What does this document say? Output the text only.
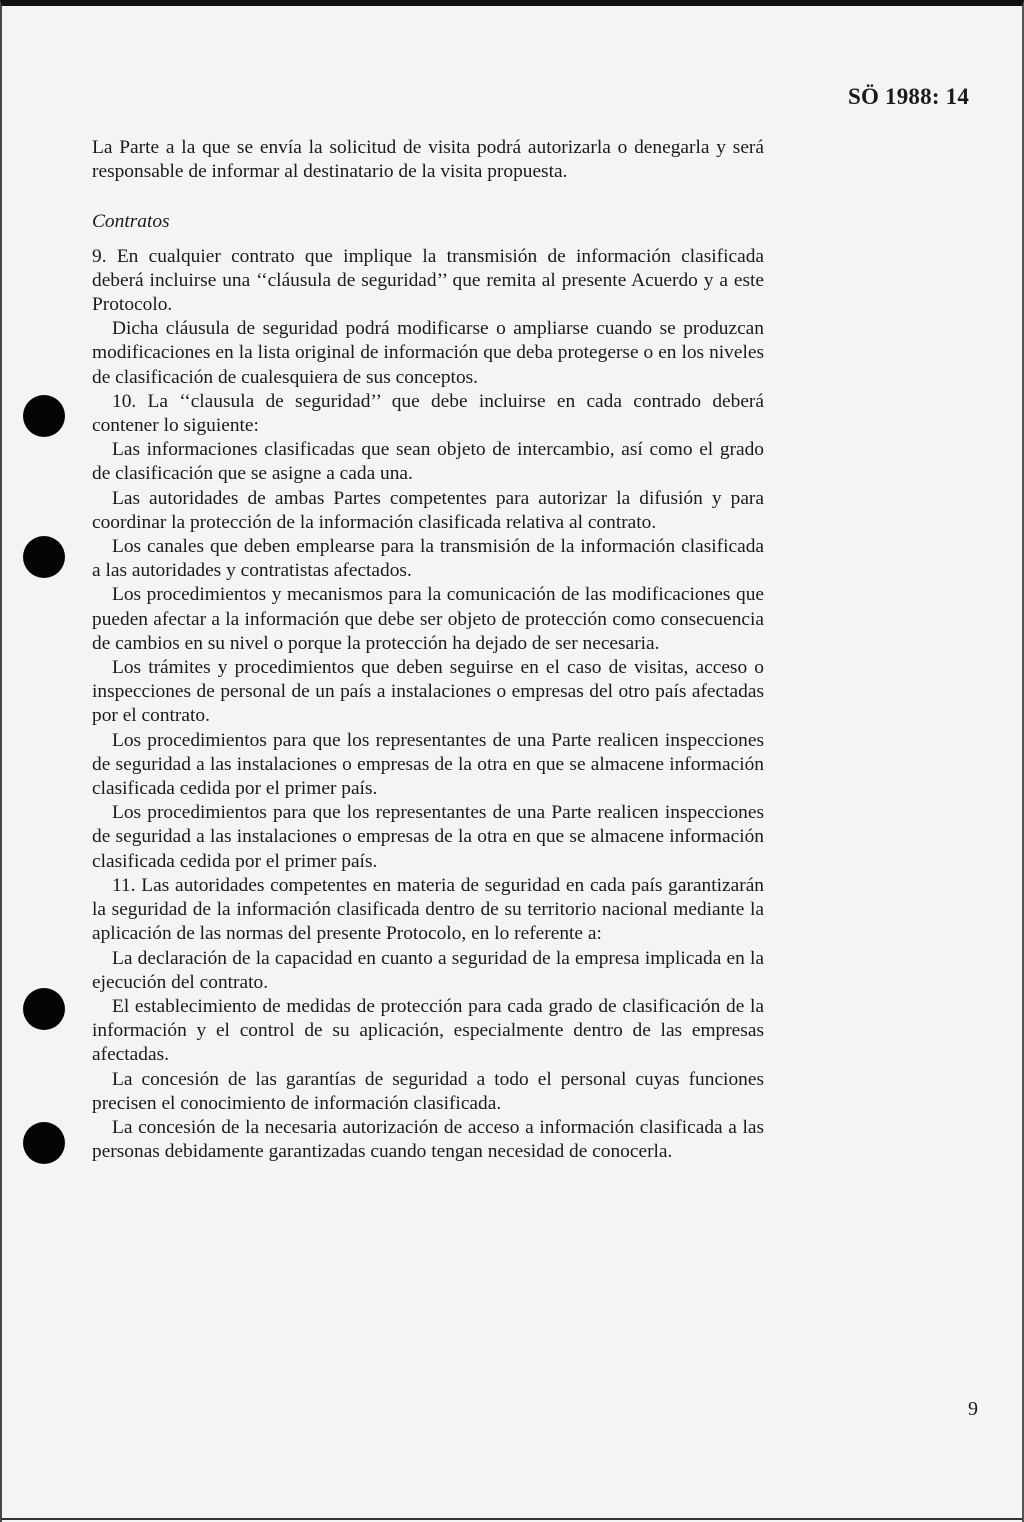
SÖ 1988: 14

La Parte a la que se envía la solicitud de visita podrá autorizarla o denegarla y será responsable de informar al destinatario de la visita propuesta.

Contratos

9. En cualquier contrato que implique la transmisión de información clasificada deberá incluirse una ‘‘cláusula de seguridad’’ que remita al presente Acuerdo y a este Protocolo.

Dicha cláusula de seguridad podrá modificarse o ampliarse cuando se produzcan modificaciones en la lista original de información que deba protegerse o en los niveles de clasificación de cualesquiera de sus conceptos.

10. La ‘‘clausula de seguridad’’ que debe incluirse en cada contrado deberá contener lo siguiente:

Las informaciones clasificadas que sean objeto de intercambio, así como el grado de clasificación que se asigne a cada una.

Las autoridades de ambas Partes competentes para autorizar la difusión y para coordinar la protección de la información clasificada relativa al contrato.

Los canales que deben emplearse para la transmisión de la información clasificada a las autoridades y contratistas afectados.

Los procedimientos y mecanismos para la comunicación de las modificaciones que pueden afectar a la información que debe ser objeto de protección como consecuencia de cambios en su nivel o porque la protección ha dejado de ser necesaria.

Los trámites y procedimientos que deben seguirse en el caso de visitas, acceso o inspecciones de personal de un país a instalaciones o empresas del otro país afectadas por el contrato.

Los procedimientos para que los representantes de una Parte realicen inspecciones de seguridad a las instalaciones o empresas de la otra en que se almacene información clasificada cedida por el primer país.

Los procedimientos para que los representantes de una Parte realicen inspecciones de seguridad a las instalaciones o empresas de la otra en que se almacene información clasificada cedida por el primer país.

11. Las autoridades competentes en materia de seguridad en cada país garantizarán la seguridad de la información clasificada dentro de su territorio nacional mediante la aplicación de las normas del presente Protocolo, en lo referente a:

La declaración de la capacidad en cuanto a seguridad de la empresa implicada en la ejecución del contrato.

El establecimiento de medidas de protección para cada grado de clasificación de la información y el control de su aplicación, especialmente dentro de las empresas afectadas.

La concesión de las garantías de seguridad a todo el personal cuyas funciones precisen el conocimiento de información clasificada.

La concesión de la necesaria autorización de acceso a información clasificada a las personas debidamente garantizadas cuando tengan necesidad de conocerla.

9
